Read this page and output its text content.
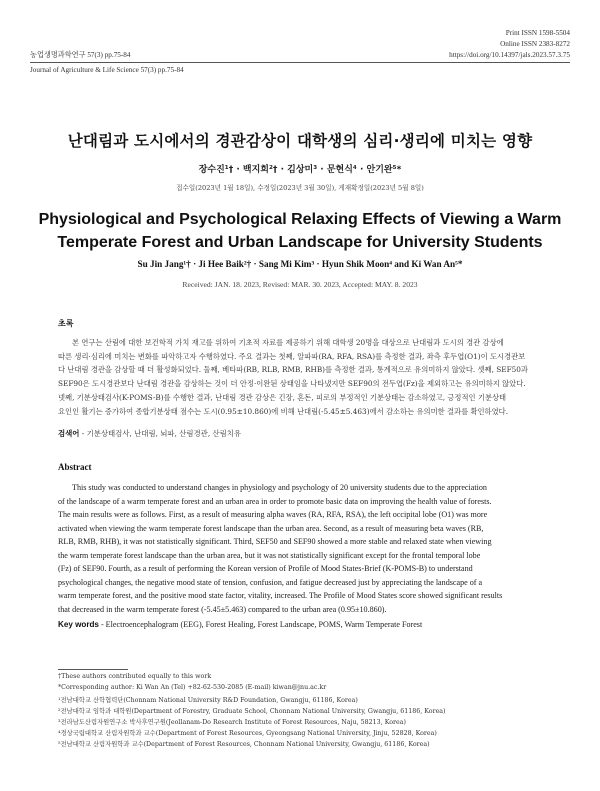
Print ISSN 1598-5504
Online ISSN 2383-8272
https://doi.org/10.14397/jals.2023.57.3.75
농업생명과학연구 57(3) pp.75-84
Journal of Agriculture & Life Science 57(3) pp.75-84
난대림과 도시에서의 경관감상이 대학생의 심리·생리에 미치는 영향
장수진¹† · 백지희²† · 김상미³ · 문현식⁴ · 안기완⁵*
접수일(2023년 1월 18일), 수정일(2023년 3월 30일), 게재확정일(2023년 5월 8일)
Physiological and Psychological Relaxing Effects of Viewing a Warm
Temperate Forest and Urban Landscape for University Students
Su Jin Jang¹† · Ji Hee Baik²† · Sang Mi Kim³ · Hyun Shik Moon⁴ and Ki Wan An⁵*
Received: JAN. 18. 2023, Revised: MAR. 30. 2023, Accepted: MAY. 8. 2023
초록
본 연구는 산림에 대한 보건학적 가치 재고를 위하여 기초적 자료를 제공하기 위해 대학생 20명을 대상으로 난대림과 도시의 경관 감상에
따른 생리·심리에 미치는 변화를 파악하고자 수행하였다. 주요 결과는 첫째, 알파파(RA, RFA, RSA)를 측정한 결과, 좌측 후두엽(O1)이 도시경관보
다 난대림 경관을 감상할 때 더 활성화되었다. 둘째, 베타파(RB, RLB, RMB, RHB)를 측정한 결과, 통계적으로 유의미하지 않았다. 셋째, SEF50과
SEF90은 도시경관보다 난대림 경관을 감상하는 것이 더 안정·이완된 상태임을 나타냈지만 SEF90의 전두엽(Fz)을 제외하고는 유의미하지 않았다.
넷째, 기분상태검사(K-POMS-B)를 수행한 결과, 난대림 경관 감상은 긴장, 혼돈, 피로의 부정적인 기분상태는 감소하였고, 긍정적인 기분상태
요인인 활기는 증가하여 종합기분상태 점수는 도시(0.95±10.860)에 비해 난대림(-5.45±5.463)에서 감소하는 유의미한 결과를 확인하였다.
검색어 - 기분상태검사, 난대림, 뇌파, 산림경관, 산림치유
Abstract
This study was conducted to understand changes in physiology and psychology of 20 university students due to the appreciation
of the landscape of a warm temperate forest and an urban area in order to promote basic data on improving the health value of forests.
The main results were as follows. First, as a result of measuring alpha waves (RA, RFA, RSA), the left occipital lobe (O1) was more
activated when viewing the warm temperate forest landscape than the urban area. Second, as a result of measuring beta waves (RB,
RLB, RMB, RHB), it was not statistically significant. Third, SEF50 and SEF90 showed a more stable and relaxed state when viewing
the warm temperate forest landscape than the urban area, but it was not statistically significant except for the frontal temporal lobe
(Fz) of SEF90. Fourth, as a result of performing the Korean version of Profile of Mood States-Brief (K-POMS-B) to understand
psychological changes, the negative mood state of tension, confusion, and fatigue decreased just by appreciating the landscape of a
warm temperate forest, and the positive mood state factor, vitality, increased. The Profile of Mood States score showed significant results
that decreased in the warm temperate forest (-5.45±5.463) compared to the urban area (0.95±10.860).
Key words - Electroencephalogram (EEG), Forest Healing, Forest Landscape, POMS, Warm Temperate Forest
†These authors contributed equally to this work
*Corresponding author: Ki Wan An (Tel) +82-62-530-2085 (E-mail) kiwan@jnu.ac.kr
¹전남대학교 산학협력단(Chonnam National University R&D Foundation, Gwangju, 61186, Korea)
²전남대학교 임학과 대학원(Department of Forestry, Graduate School, Chonnam National University, Gwangju, 61186, Korea)
³전라남도산림자원연구소 박사후연구원(Jeollanam-Do Research Institute of Forest Resources, Naju, 58213, Korea)
⁴경상국립대학교 산림자원학과 교수(Department of Forest Resources, Gyeongsang National University, Jinju, 52828, Korea)
⁵전남대학교 산림자원학과 교수(Department of Forest Resources, Chonnam National University, Gwangju, 61186, Korea)
